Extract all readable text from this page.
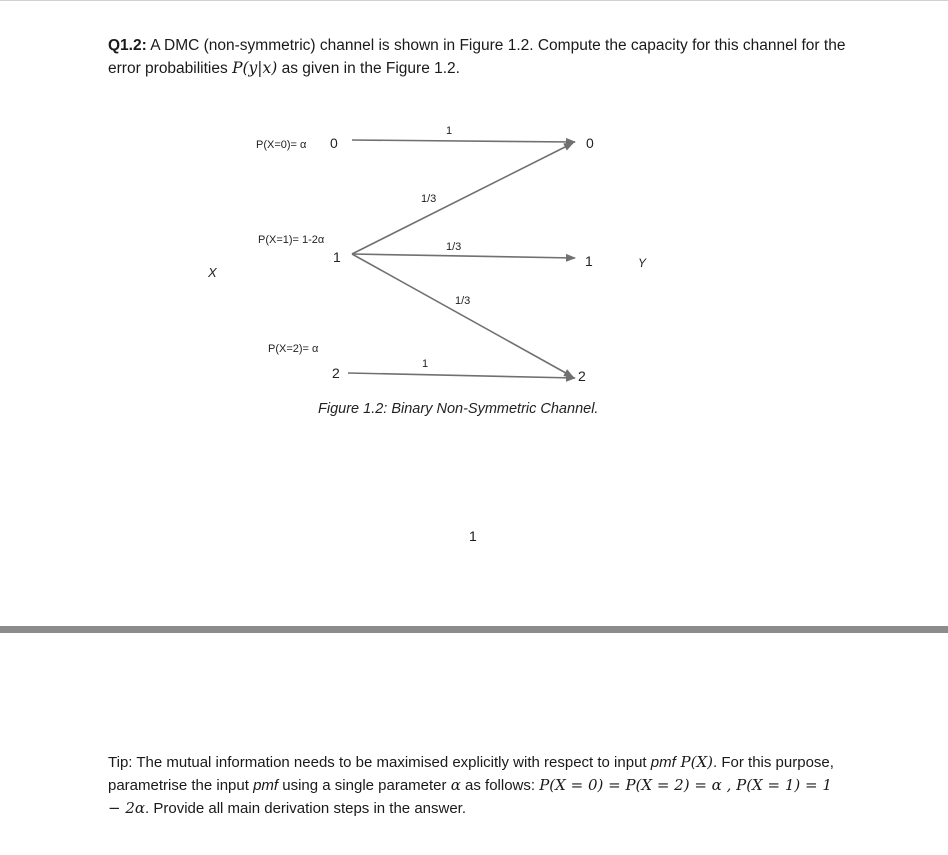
Q1.2: A DMC (non-symmetric) channel is shown in Figure 1.2. Compute the capacity for this channel for the error probabilities P(y|x) as given in the Figure 1.2.
P(X=0)= α 0
P(X=1)= 1-2α
1
P(X=2)= α
2
0
1
2
1
1/3
1/3
1/3
1
X
Y
Figure 1.2: Binary Non-Symmetric Channel.
1
Tip: The mutual information needs to be maximised explicitly with respect to input pmf P(X). For this purpose, parametrise the input pmf using a single parameter α as follows: P(X = 0) = P(X = 2) = α , P(X = 1) = 1 − 2α. Provide all main derivation steps in the answer.
